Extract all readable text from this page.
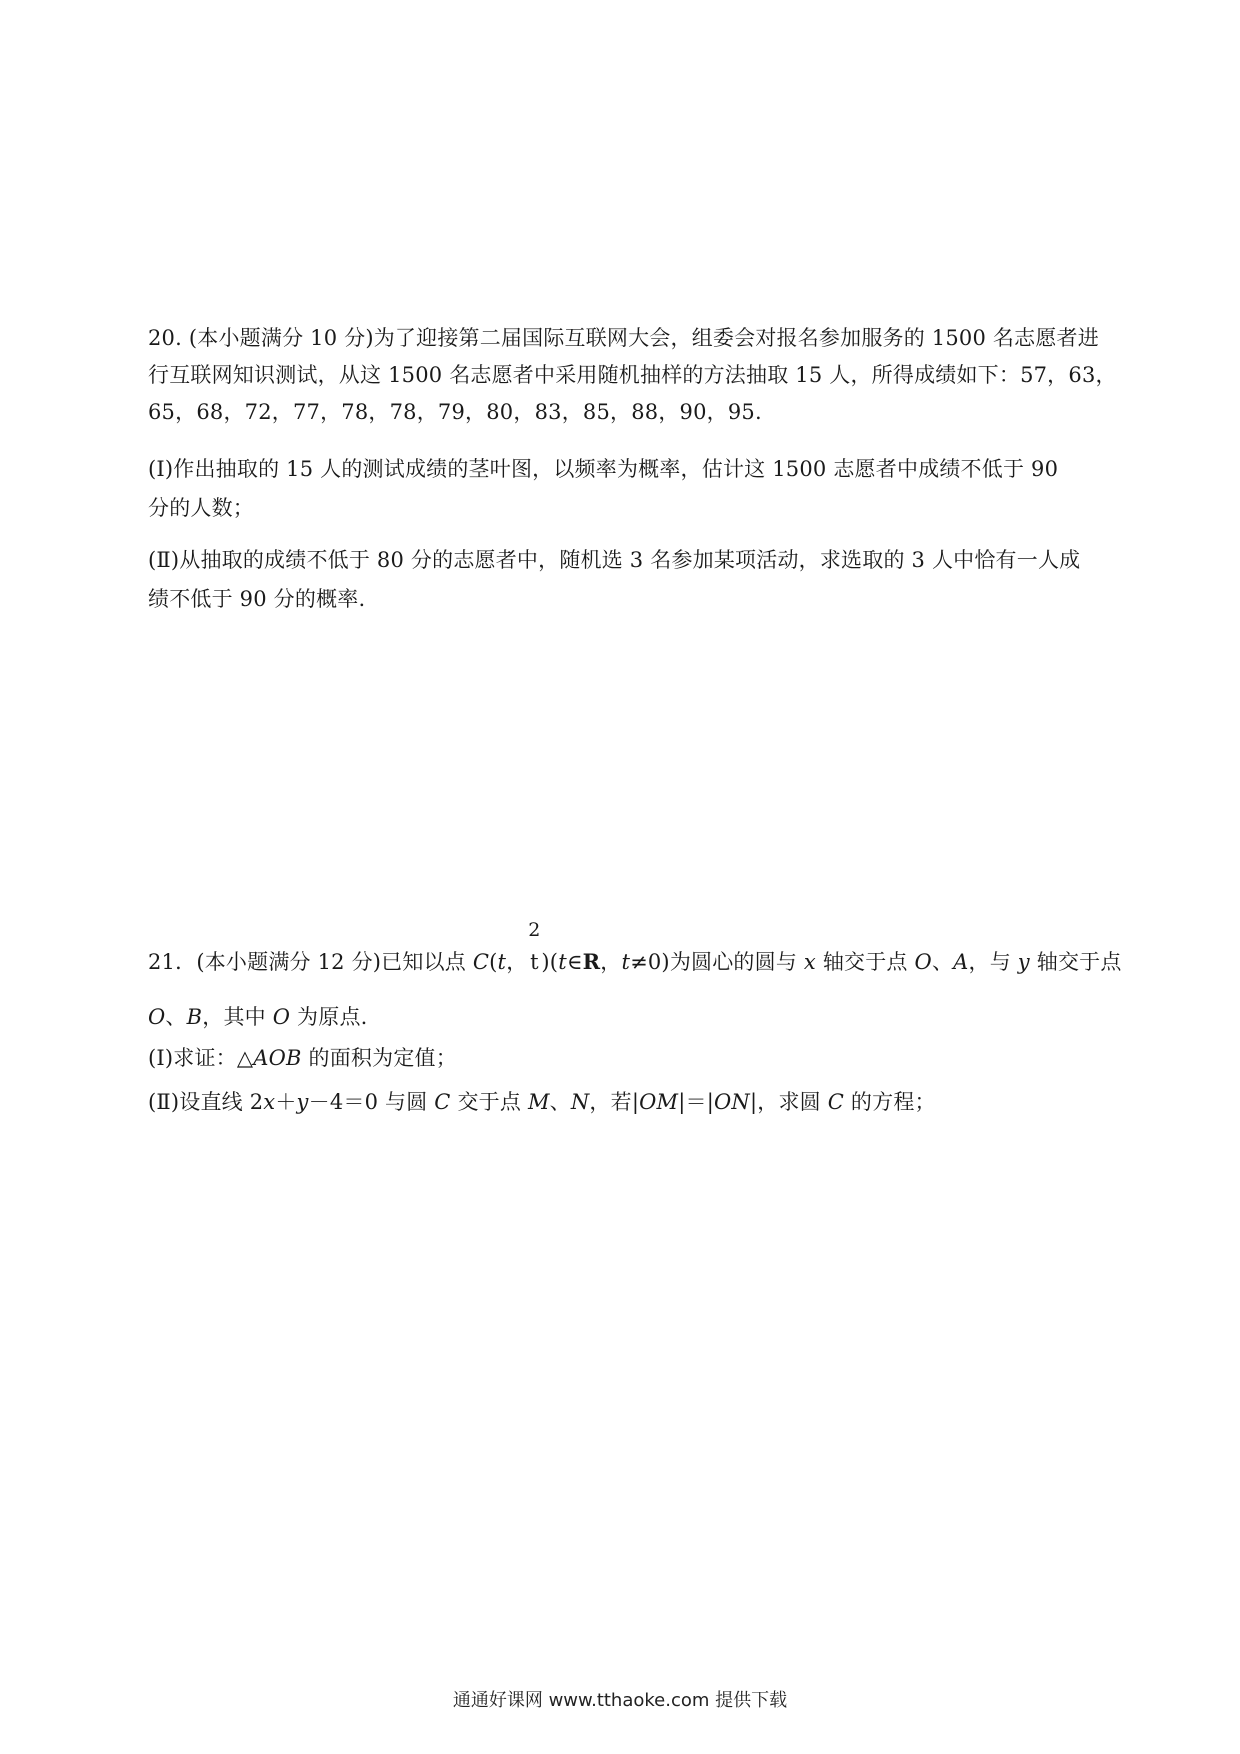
20. (本小题满分 10 分)为了迎接第二届国际互联网大会，组委会对报名参加服务的 1500 名志愿者进
行互联网知识测试，从这 1500 名志愿者中采用随机抽样的方法抽取 15 人，所得成绩如下：57，63，
65，68，72，77，78，78，79，80，83，85，88，90，95.
(Ⅰ)作出抽取的 15 人的测试成绩的茎叶图，以频率为概率，估计这 1500 志愿者中成绩不低于 90
分的人数；
(Ⅱ)从抽取的成绩不低于 80 分的志愿者中，随机选 3 名参加某项活动，求选取的 3 人中恰有一人成
绩不低于 90 分的概率.
21．(本小题满分 12 分)已知以点 C(t，
2
t )(t∈R，t≠0)为圆心的圆与 x 轴交于点 O、A，与 y 轴交于点
O、B，其中 O 为原点.
(Ⅰ)求证：△AOB 的面积为定值；
(Ⅱ)设直线 2x＋y－4＝0 与圆 C 交于点 M、N，若|OM|＝|ON|，求圆 C 的方程；
通通好课网 www.tthaoke.com 提供下载
